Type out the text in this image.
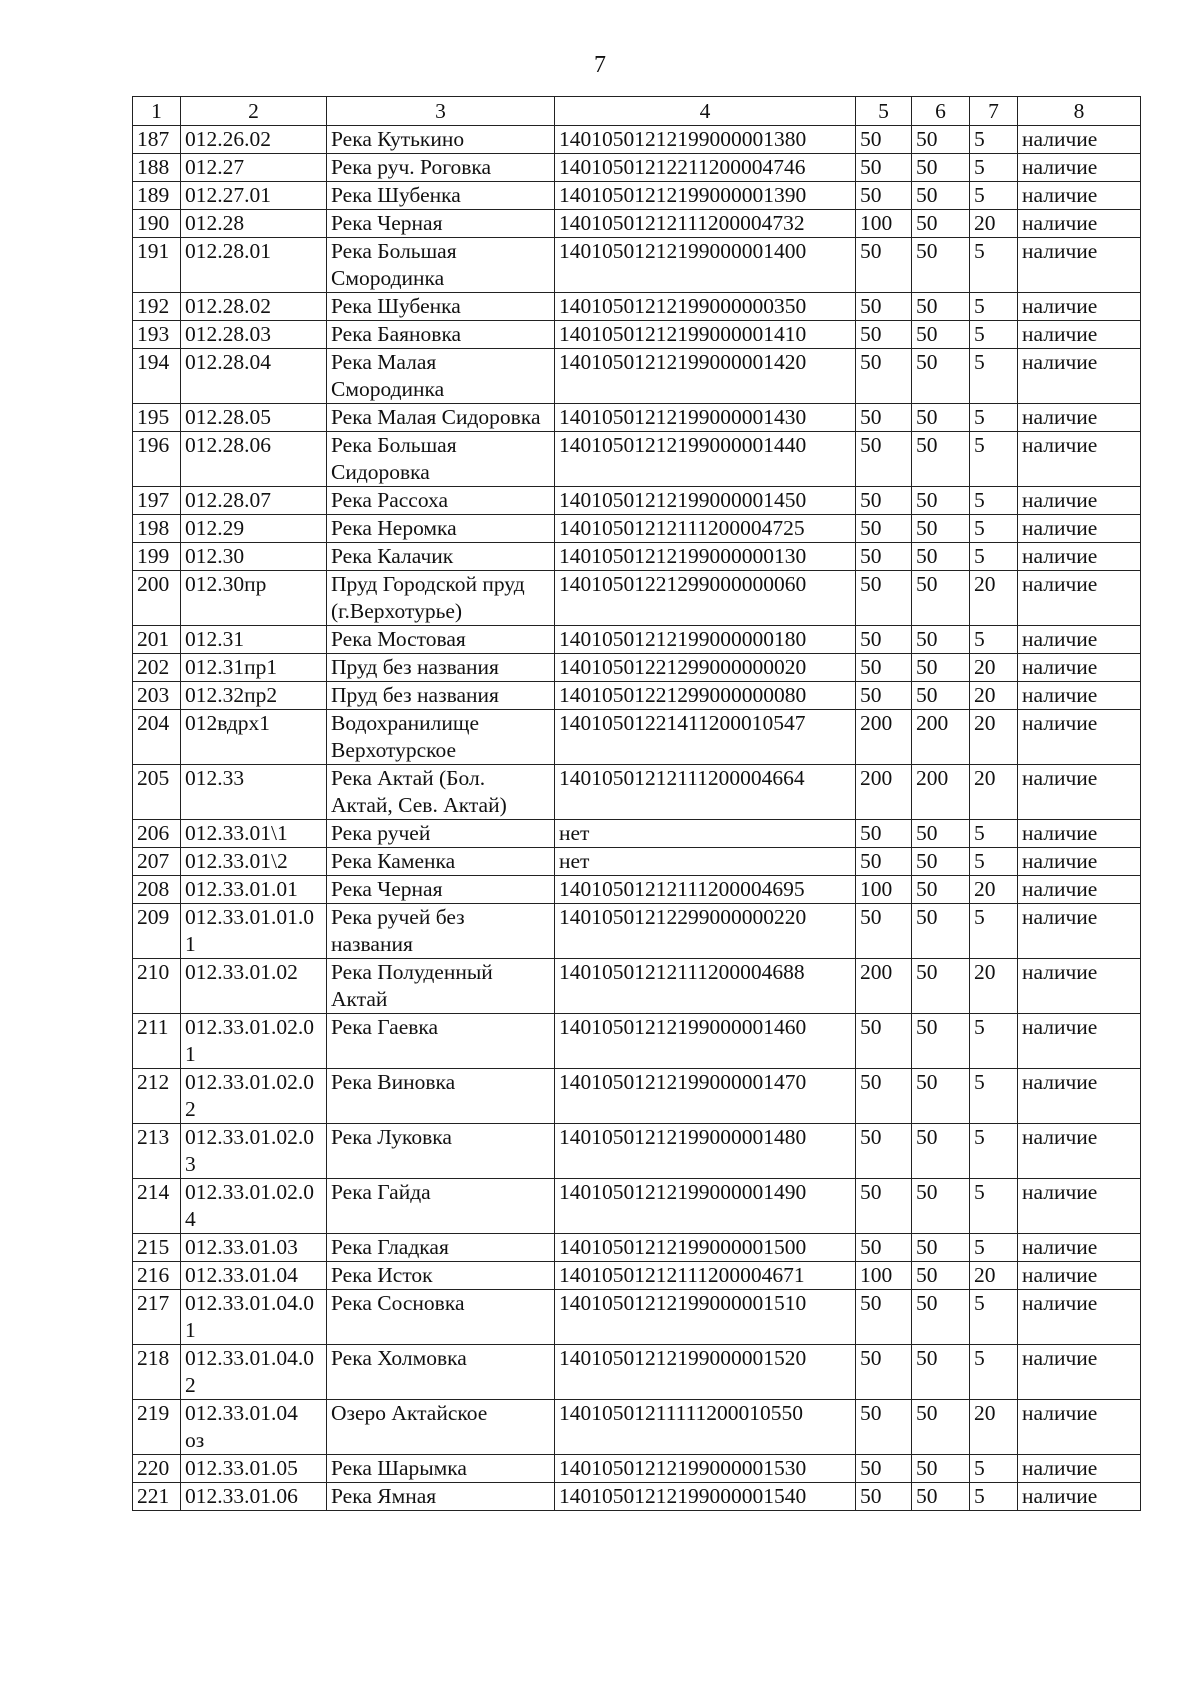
7
1	2	3	4	5	6	7	8
187	012.26.02	Река Кутькино	14010501212199000001380	50	50	5	наличие
188	012.27	Река руч. Роговка	14010501212211200004746	50	50	5	наличие
189	012.27.01	Река Шубенка	14010501212199000001390	50	50	5	наличие
190	012.28	Река Черная	14010501212111200004732	100	50	20	наличие
191	012.28.01	Река Большая Смородинка	14010501212199000001400	50	50	5	наличие
192	012.28.02	Река Шубенка	14010501212199000000350	50	50	5	наличие
193	012.28.03	Река Баяновка	14010501212199000001410	50	50	5	наличие
194	012.28.04	Река Малая Смородинка	14010501212199000001420	50	50	5	наличие
195	012.28.05	Река Малая Сидоровка	14010501212199000001430	50	50	5	наличие
196	012.28.06	Река Большая Сидоровка	14010501212199000001440	50	50	5	наличие
197	012.28.07	Река Рассоха	14010501212199000001450	50	50	5	наличие
198	012.29	Река Неромка	14010501212111200004725	50	50	5	наличие
199	012.30	Река Калачик	14010501212199000000130	50	50	5	наличие
200	012.30пр	Пруд Городской пруд (г.Верхотурье)	14010501221299000000060	50	50	20	наличие
201	012.31	Река Мостовая	14010501212199000000180	50	50	5	наличие
202	012.31пр1	Пруд без названия	14010501221299000000020	50	50	20	наличие
203	012.32пр2	Пруд без названия	14010501221299000000080	50	50	20	наличие
204	012вдрх1	Водохранилище Верхотурское	14010501221411200010547	200	200	20	наличие
205	012.33	Река Актай (Бол. Актай, Сев. Актай)	14010501212111200004664	200	200	20	наличие
206	012.33.01\1	Река ручей	нет	50	50	5	наличие
207	012.33.01\2	Река Каменка	нет	50	50	5	наличие
208	012.33.01.01	Река Черная	14010501212111200004695	100	50	20	наличие
209	012.33.01.01.01	Река ручей без названия	14010501212299000000220	50	50	5	наличие
210	012.33.01.02	Река Полуденный Актай	14010501212111200004688	200	50	20	наличие
211	012.33.01.02.01	Река Гаевка	14010501212199000001460	50	50	5	наличие
212	012.33.01.02.02	Река Виновка	14010501212199000001470	50	50	5	наличие
213	012.33.01.02.03	Река Луковка	14010501212199000001480	50	50	5	наличие
214	012.33.01.02.04	Река Гайда	14010501212199000001490	50	50	5	наличие
215	012.33.01.03	Река Гладкая	14010501212199000001500	50	50	5	наличие
216	012.33.01.04	Река Исток	14010501212111200004671	100	50	20	наличие
217	012.33.01.04.01	Река Сосновка	14010501212199000001510	50	50	5	наличие
218	012.33.01.04.02	Река Холмовка	14010501212199000001520	50	50	5	наличие
219	012.33.01.04 оз	Озеро Актайское	14010501211111200010550	50	50	20	наличие
220	012.33.01.05	Река Шарымка	14010501212199000001530	50	50	5	наличие
221	012.33.01.06	Река Ямная	14010501212199000001540	50	50	5	наличие
